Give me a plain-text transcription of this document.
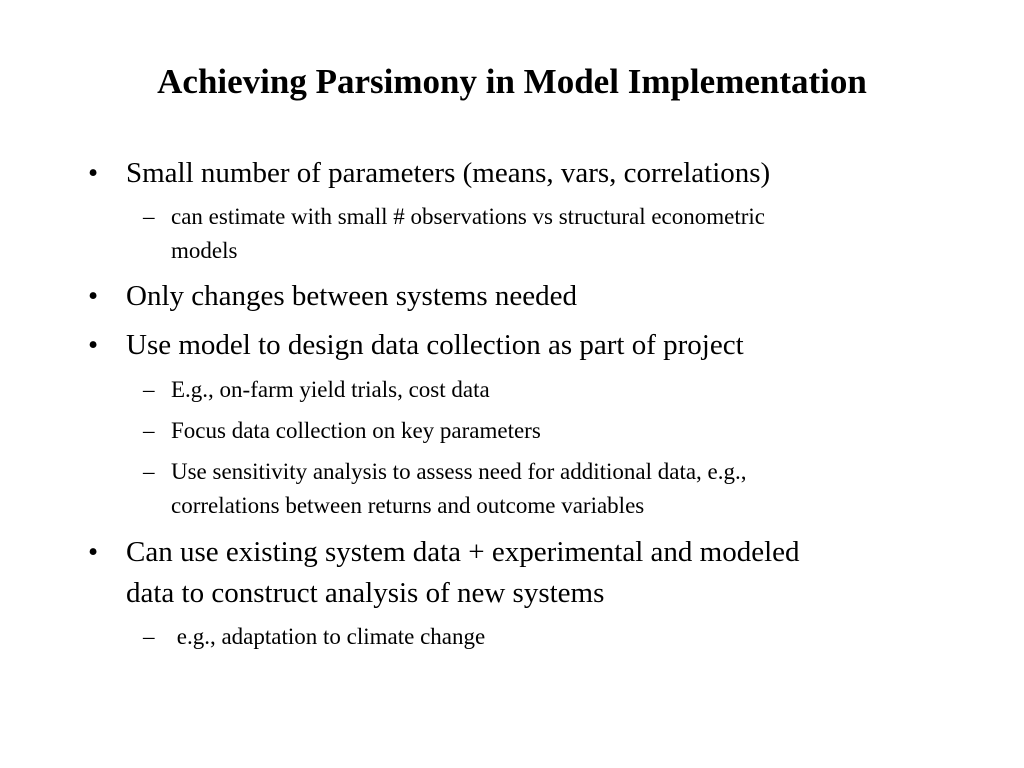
Achieving Parsimony in Model Implementation
• Small number of parameters (means, vars, correlations)
– can estimate with small # observations vs structural econometric
models
• Only changes between systems needed
• Use model to design data collection as part of project
– E.g., on-farm yield trials, cost data
– Focus data collection on key parameters
– Use sensitivity analysis to assess need for additional data, e.g.,
correlations between returns and outcome variables
• Can use existing system data + experimental and modeled
data to construct analysis of new systems
– e.g., adaptation to climate change
